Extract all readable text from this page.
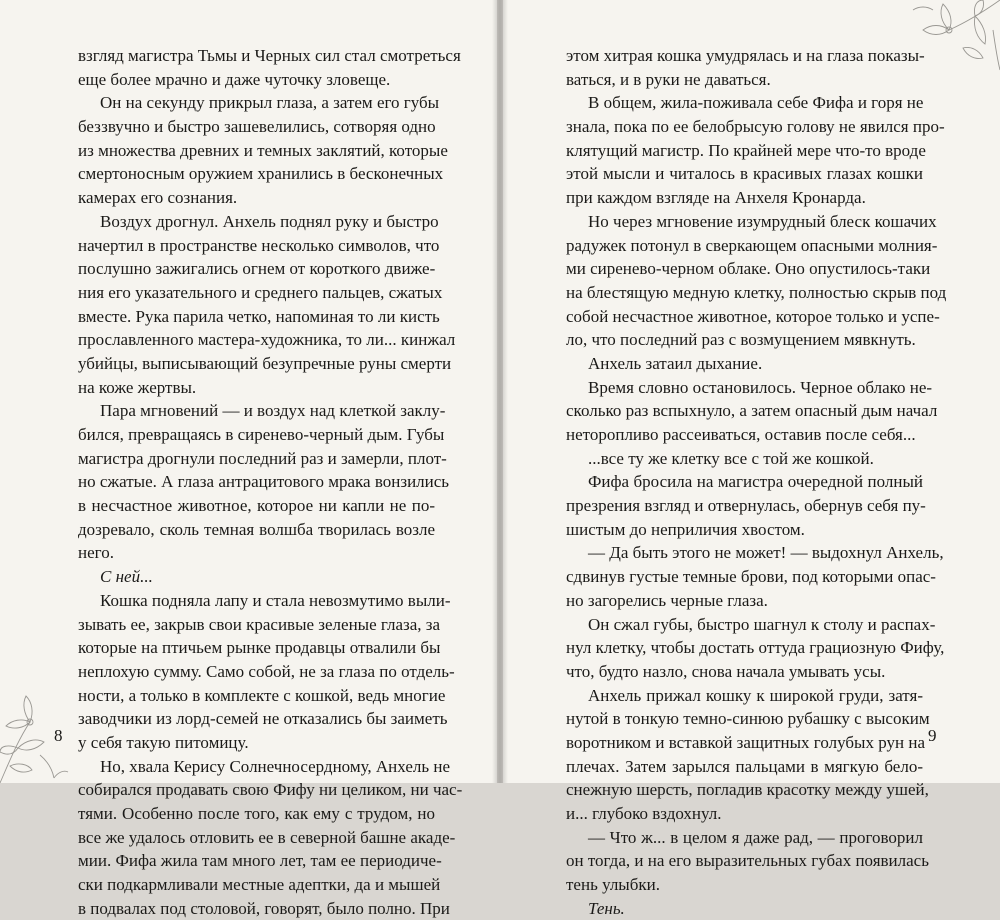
взгляд магистра Тьмы и Черных сил стал смотреться
еще более мрачно и даже чуточку зловеще.
Он на секунду прикрыл глаза, а затем его губы
беззвучно и быстро зашевелились, сотворяя одно
из множества древних и темных заклятий, которые
смертоносным оружием хранились в бесконечных
камерах его сознания.
Воздух дрогнул. Анхель поднял руку и быстро
начертил в пространстве несколько символов, что
послушно зажигались огнем от короткого движе-
ния его указательного и среднего пальцев, сжатых
вместе. Рука парила четко, напоминая то ли кисть
прославленного мастера-художника, то ли... кинжал
убийцы, выписывающий безупречные руны смерти
на коже жертвы.
Пара мгновений — и воздух над клеткой заклу-
бился, превращаясь в сиренево-черный дым. Губы
магистра дрогнули последний раз и замерли, плот-
но сжатые. А глаза антрацитового мрака вонзились
в несчастное животное, которое ни капли не по-
дозревало, сколь темная волшба творилась возле
него.
С ней...
Кошка подняла лапу и стала невозмутимо выли-
зывать ее, закрыв свои красивые зеленые глаза, за
которые на птичьем рынке продавцы отвалили бы
неплохую сумму. Само собой, не за глаза по отдель-
ности, а только в комплекте с кошкой, ведь многие
заводчики из лорд-семей не отказались бы заиметь
у себя такую питомицу.
Но, хвала Керису Солнечносердному, Анхель не
собирался продавать свою Фифу ни целиком, ни час-
тями. Особенно после того, как ему с трудом, но
все же удалось отловить ее в северной башне акаде-
мии. Фифа жила там много лет, там ее периодиче-
ски подкармливали местные адептки, да и мышей
в подвалах под столовой, говорят, было полно. При
8
этом хитрая кошка умудрялась и на глаза показы-
ваться, и в руки не даваться.
В общем, жила-поживала себе Фифа и горя не
знала, пока по ее белобрысую голову не явился про-
клятущий магистр. По крайней мере что-то вроде
этой мысли и читалось в красивых глазах кошки
при каждом взгляде на Анхеля Кронарда.
Но через мгновение изумрудный блеск кошачих
радужек потонул в сверкающем опасными молния-
ми сиренево-черном облаке. Оно опустилось-таки
на блестящую медную клетку, полностью скрыв под
собой несчастное животное, которое только и успе-
ло, что последний раз с возмущением мявкнуть.
Анхель затаил дыхание.
Время словно остановилось. Черное облако не-
сколько раз вспыхнуло, а затем опасный дым начал
неторопливо рассеиваться, оставив после себя...
...все ту же клетку все с той же кошкой.
Фифа бросила на магистра очередной полный
презрения взгляд и отвернулась, обернув себя пу-
шистым до неприличия хвостом.
— Да быть этого не может! — выдохнул Анхель,
сдвинув густые темные брови, под которыми опас-
но загорелись черные глаза.
Он сжал губы, быстро шагнул к столу и распах-
нул клетку, чтобы достать оттуда грациозную Фифу,
что, будто назло, снова начала умывать усы.
Анхель прижал кошку к широкой груди, затя-
нутой в тонкую темно-синюю рубашку с высоким
воротником и вставкой защитных голубых рун на
плечах. Затем зарылся пальцами в мягкую бело-
снежную шерсть, погладив красотку между ушей,
и... глубоко вздохнул.
— Что ж... в целом я даже рад, — проговорил
он тогда, и на его выразительных губах появилась
тень улыбки.
Тень.
9
